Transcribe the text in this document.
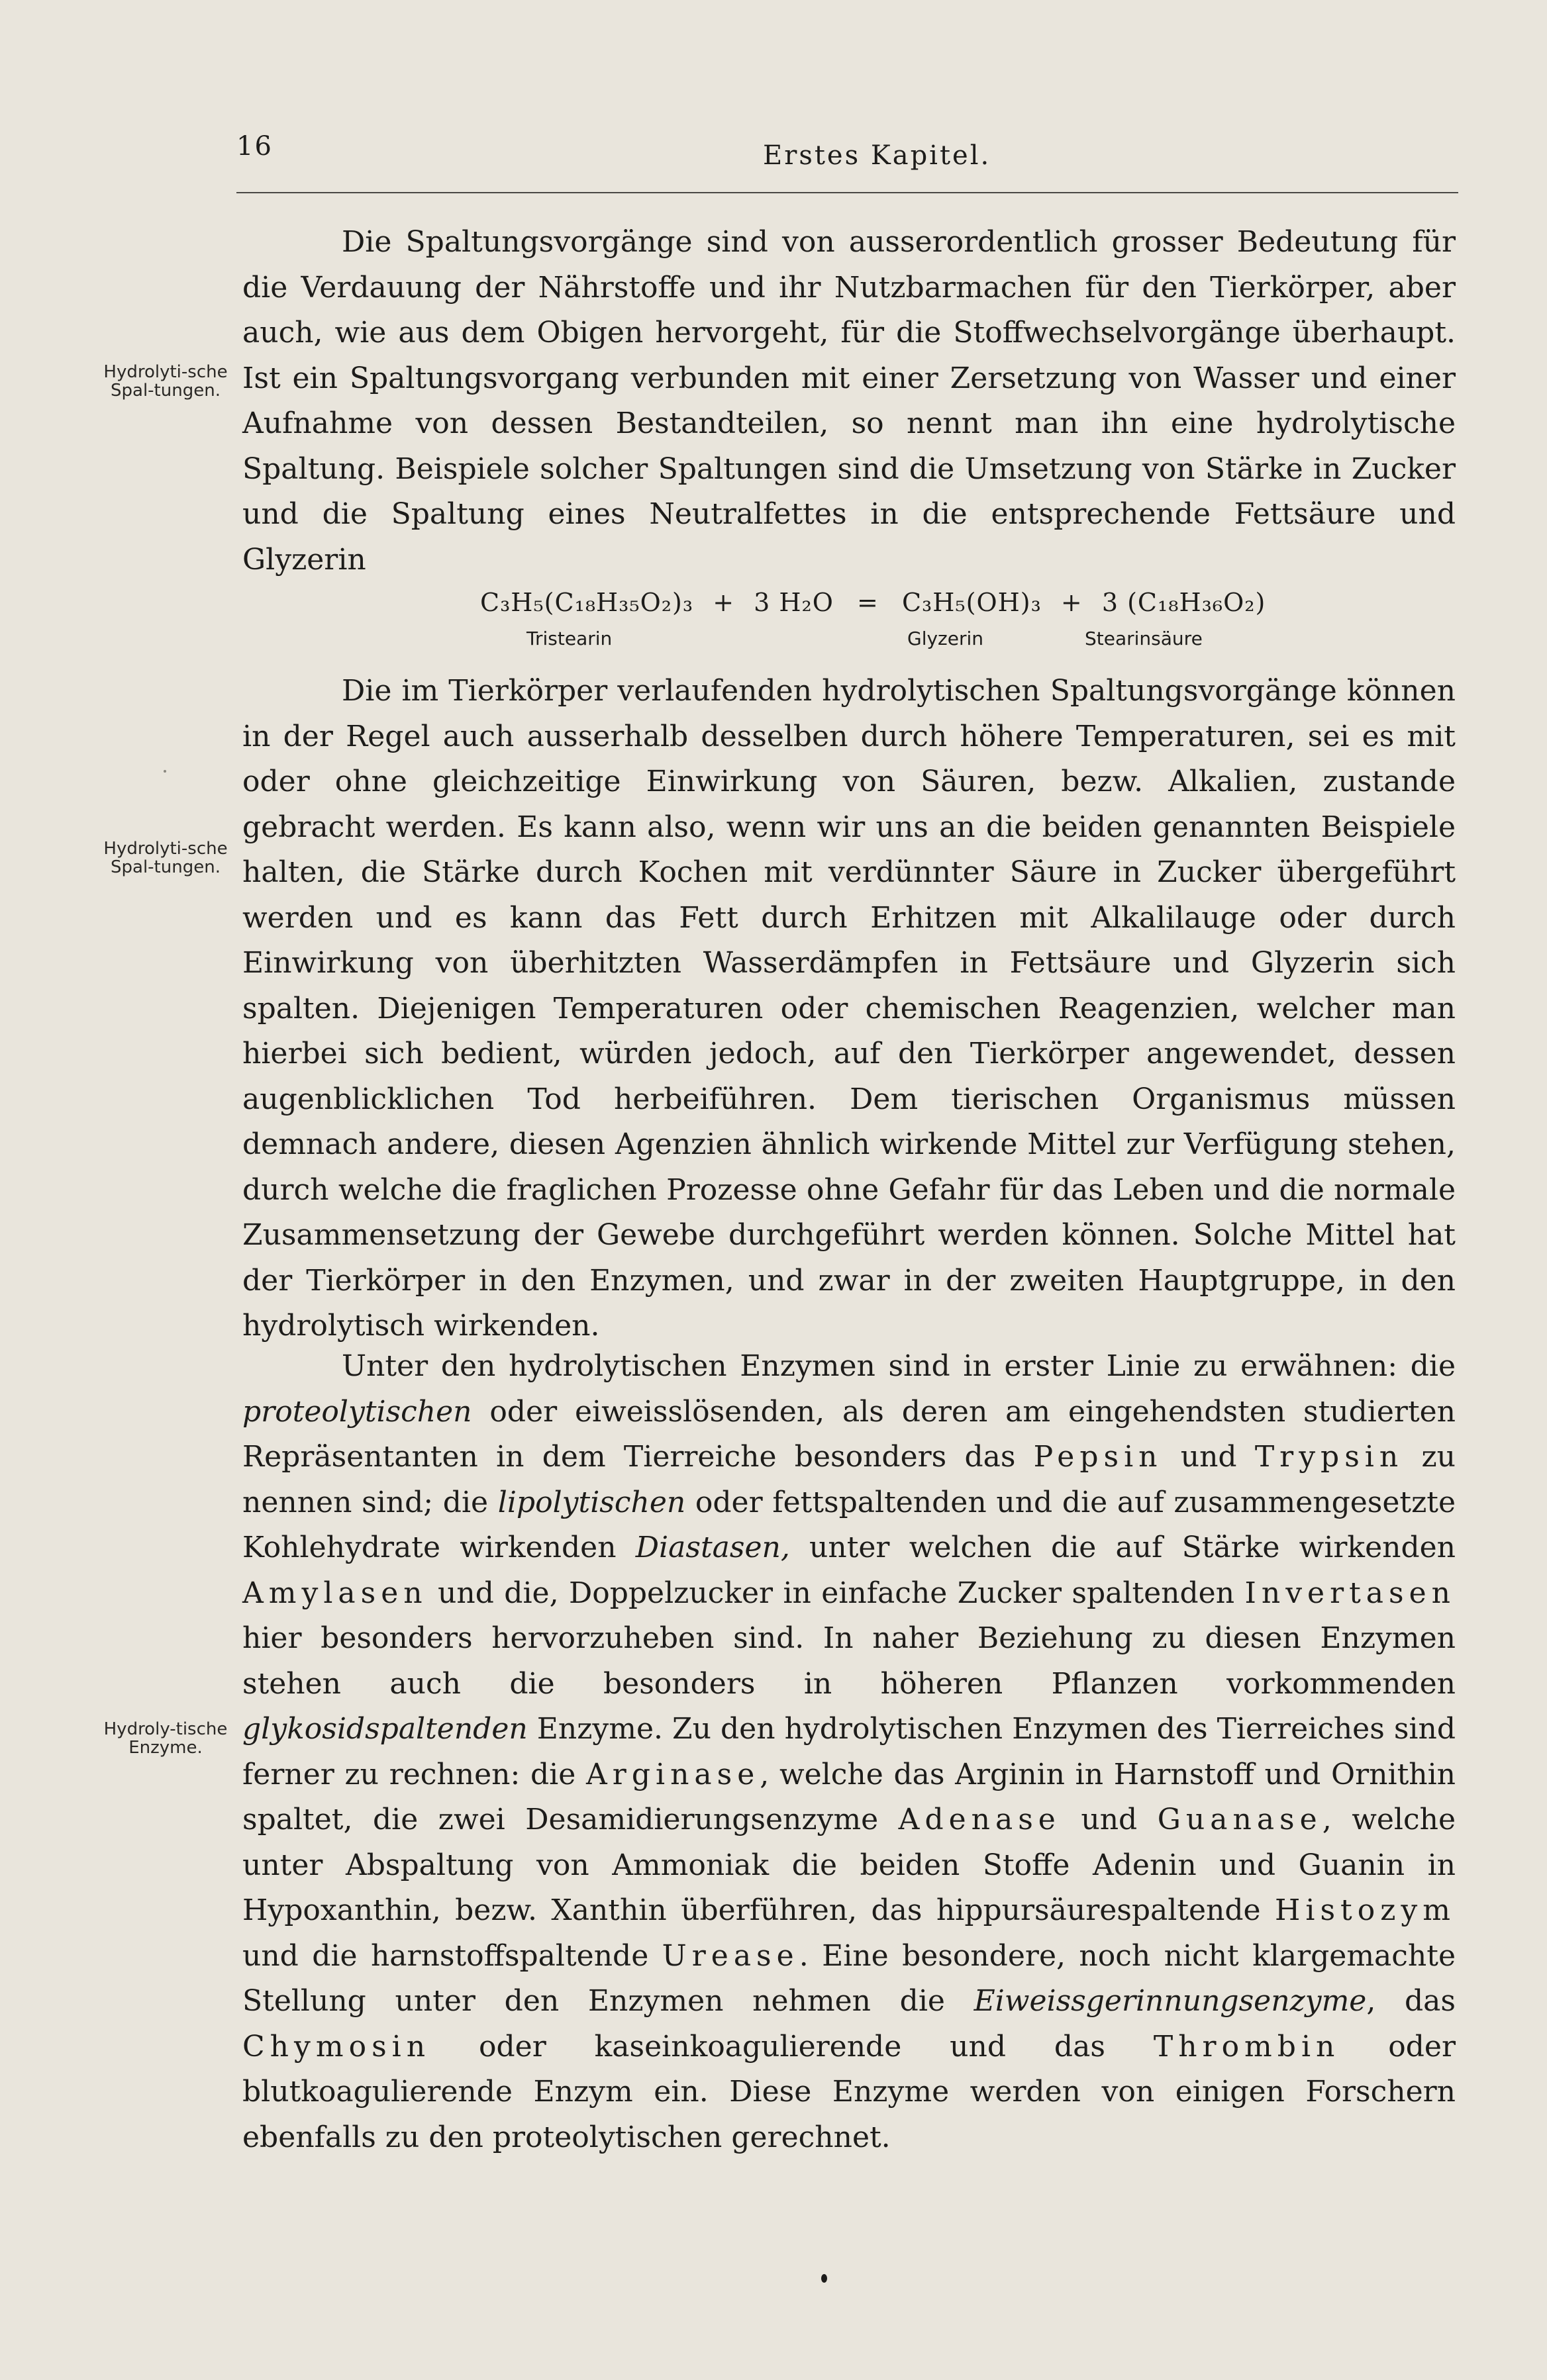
16	Erstes Kapitel.
Hydrolyti-sche Spal-tungen.
Hydrolyti-sche Spal-tungen.
Hydroly-tische Enzyme.

Die Spaltungsvorgänge sind von ausserordentlich grosser Bedeutung für die Verdauung der Nährstoffe und ihr Nutzbarmachen für den Tierkörper, aber auch, wie aus dem Obigen hervorgeht, für die Stoffwechselvorgänge überhaupt. Ist ein Spaltungsvorgang verbunden mit einer Zersetzung von Wasser und einer Aufnahme von dessen Bestandteilen, so nennt man ihn eine hydrolytische Spaltung. Beispiele solcher Spaltungen sind die Umsetzung von Stärke in Zucker und die Spaltung eines Neutralfettes in die entsprechende Fettsäure und Glyzerin

C₃H₅(C₁₈H₃₅O₂)₃ + 3 H₂O = C₃H₅(OH)₃ + 3 (C₁₈H₃₆O₂)
Tristearin	Glyzerin	Stearinsäure

Die im Tierkörper verlaufenden hydrolytischen Spaltungsvorgänge können in der Regel auch ausserhalb desselben durch höhere Temperaturen, sei es mit oder ohne gleichzeitige Einwirkung von Säuren, bezw. Alkalien, zustande gebracht werden. Es kann also, wenn wir uns an die beiden genannten Beispiele halten, die Stärke durch Kochen mit verdünnter Säure in Zucker übergeführt werden und es kann das Fett durch Erhitzen mit Alkalilauge oder durch Einwirkung von überhitzten Wasserdämpfen in Fettsäure und Glyzerin sich spalten. Diejenigen Temperaturen oder chemischen Reagenzien, welcher man hierbei sich bedient, würden jedoch, auf den Tierkörper angewendet, dessen augenblicklichen Tod herbeiführen. Dem tierischen Organismus müssen demnach andere, diesen Agenzien ähnlich wirkende Mittel zur Verfügung stehen, durch welche die fraglichen Prozesse ohne Gefahr für das Leben und die normale Zusammensetzung der Gewebe durchgeführt werden können. Solche Mittel hat der Tierkörper in den Enzymen, und zwar in der zweiten Hauptgruppe, in den hydrolytisch wirkenden.

Unter den hydrolytischen Enzymen sind in erster Linie zu erwähnen: die proteolytischen oder eiweisslösenden, als deren am eingehendsten studierten Repräsentanten in dem Tierreiche besonders das Pepsin und Trypsin zu nennen sind; die lipolytischen oder fettspaltenden und die auf zusammengesetzte Kohlehydrate wirkenden Diastasen, unter welchen die auf Stärke wirkenden Amylasen und die, Doppelzucker in einfache Zucker spaltenden Invertasen hier besonders hervorzuheben sind. In naher Beziehung zu diesen Enzymen stehen auch die besonders in höheren Pflanzen vorkommenden glykosidspaltenden Enzyme. Zu den hydrolytischen Enzymen des Tierreiches sind ferner zu rechnen: die Arginase, welche das Arginin in Harnstoff und Ornithin spaltet, die zwei Desamidierungsenzyme Adenase und Guanase, welche unter Abspaltung von Ammoniak die beiden Stoffe Adenin und Guanin in Hypoxanthin, bezw. Xanthin überführen, das hippursäurespaltende Histozym und die harnstoffspaltende Urease. Eine besondere, noch nicht klargemachte Stellung unter den Enzymen nehmen die Eiweissgerinnungsenzyme, das Chymosin oder kaseinkoagulierende und das Thrombin oder blutkoagulierende Enzym ein. Diese Enzyme werden von einigen Forschern ebenfalls zu den proteolytischen gerechnet.
